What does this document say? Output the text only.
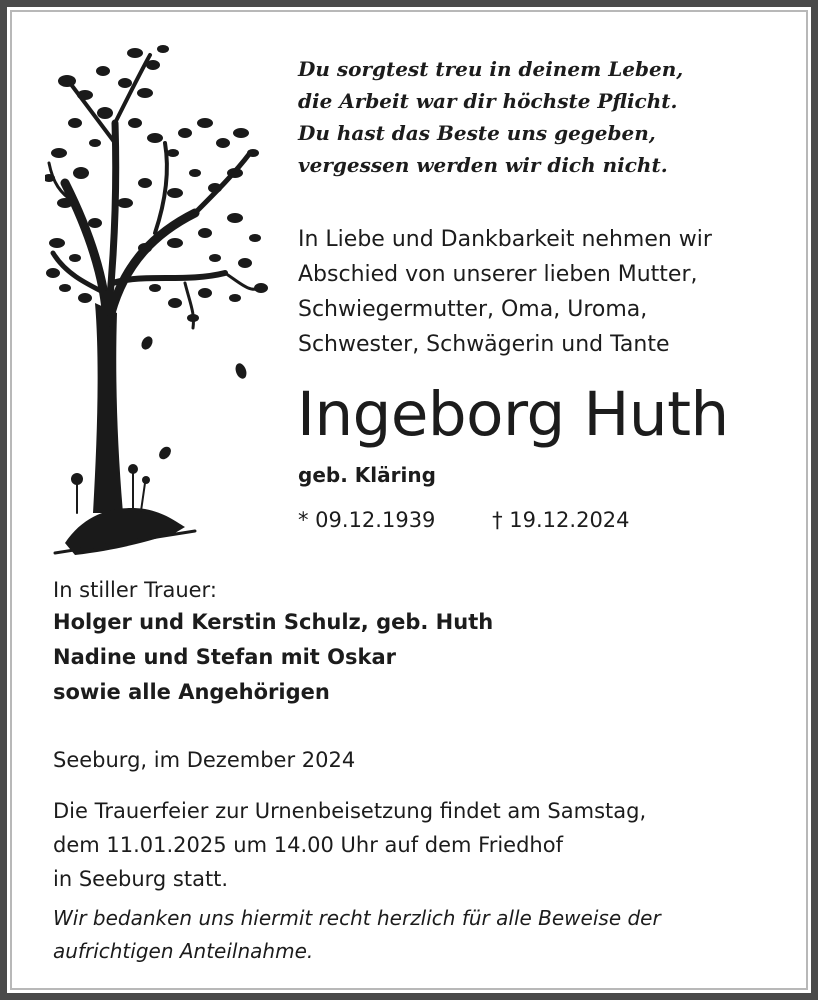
Du sorgtest treu in deinem Leben,
die Arbeit war dir höchste Pflicht.
Du hast das Beste uns gegeben,
vergessen werden wir dich nicht.
In Liebe und Dankbarkeit nehmen wir
Abschied von unserer lieben Mutter,
Schwiegermutter, Oma, Uroma,
Schwester, Schwägerin und Tante
Ingeborg Huth
geb. Kläring
* 09.12.1939	† 19.12.2024
In stiller Trauer:
Holger und Kerstin Schulz, geb. Huth
Nadine und Stefan mit Oskar
sowie alle Angehörigen
Seeburg, im Dezember 2024
Die Trauerfeier zur Urnenbeisetzung findet am Samstag,
dem 11.01.2025 um 14.00 Uhr auf dem Friedhof
in Seeburg statt.
Wir bedanken uns hiermit recht herzlich für alle Beweise der
aufrichtigen Anteilnahme.
